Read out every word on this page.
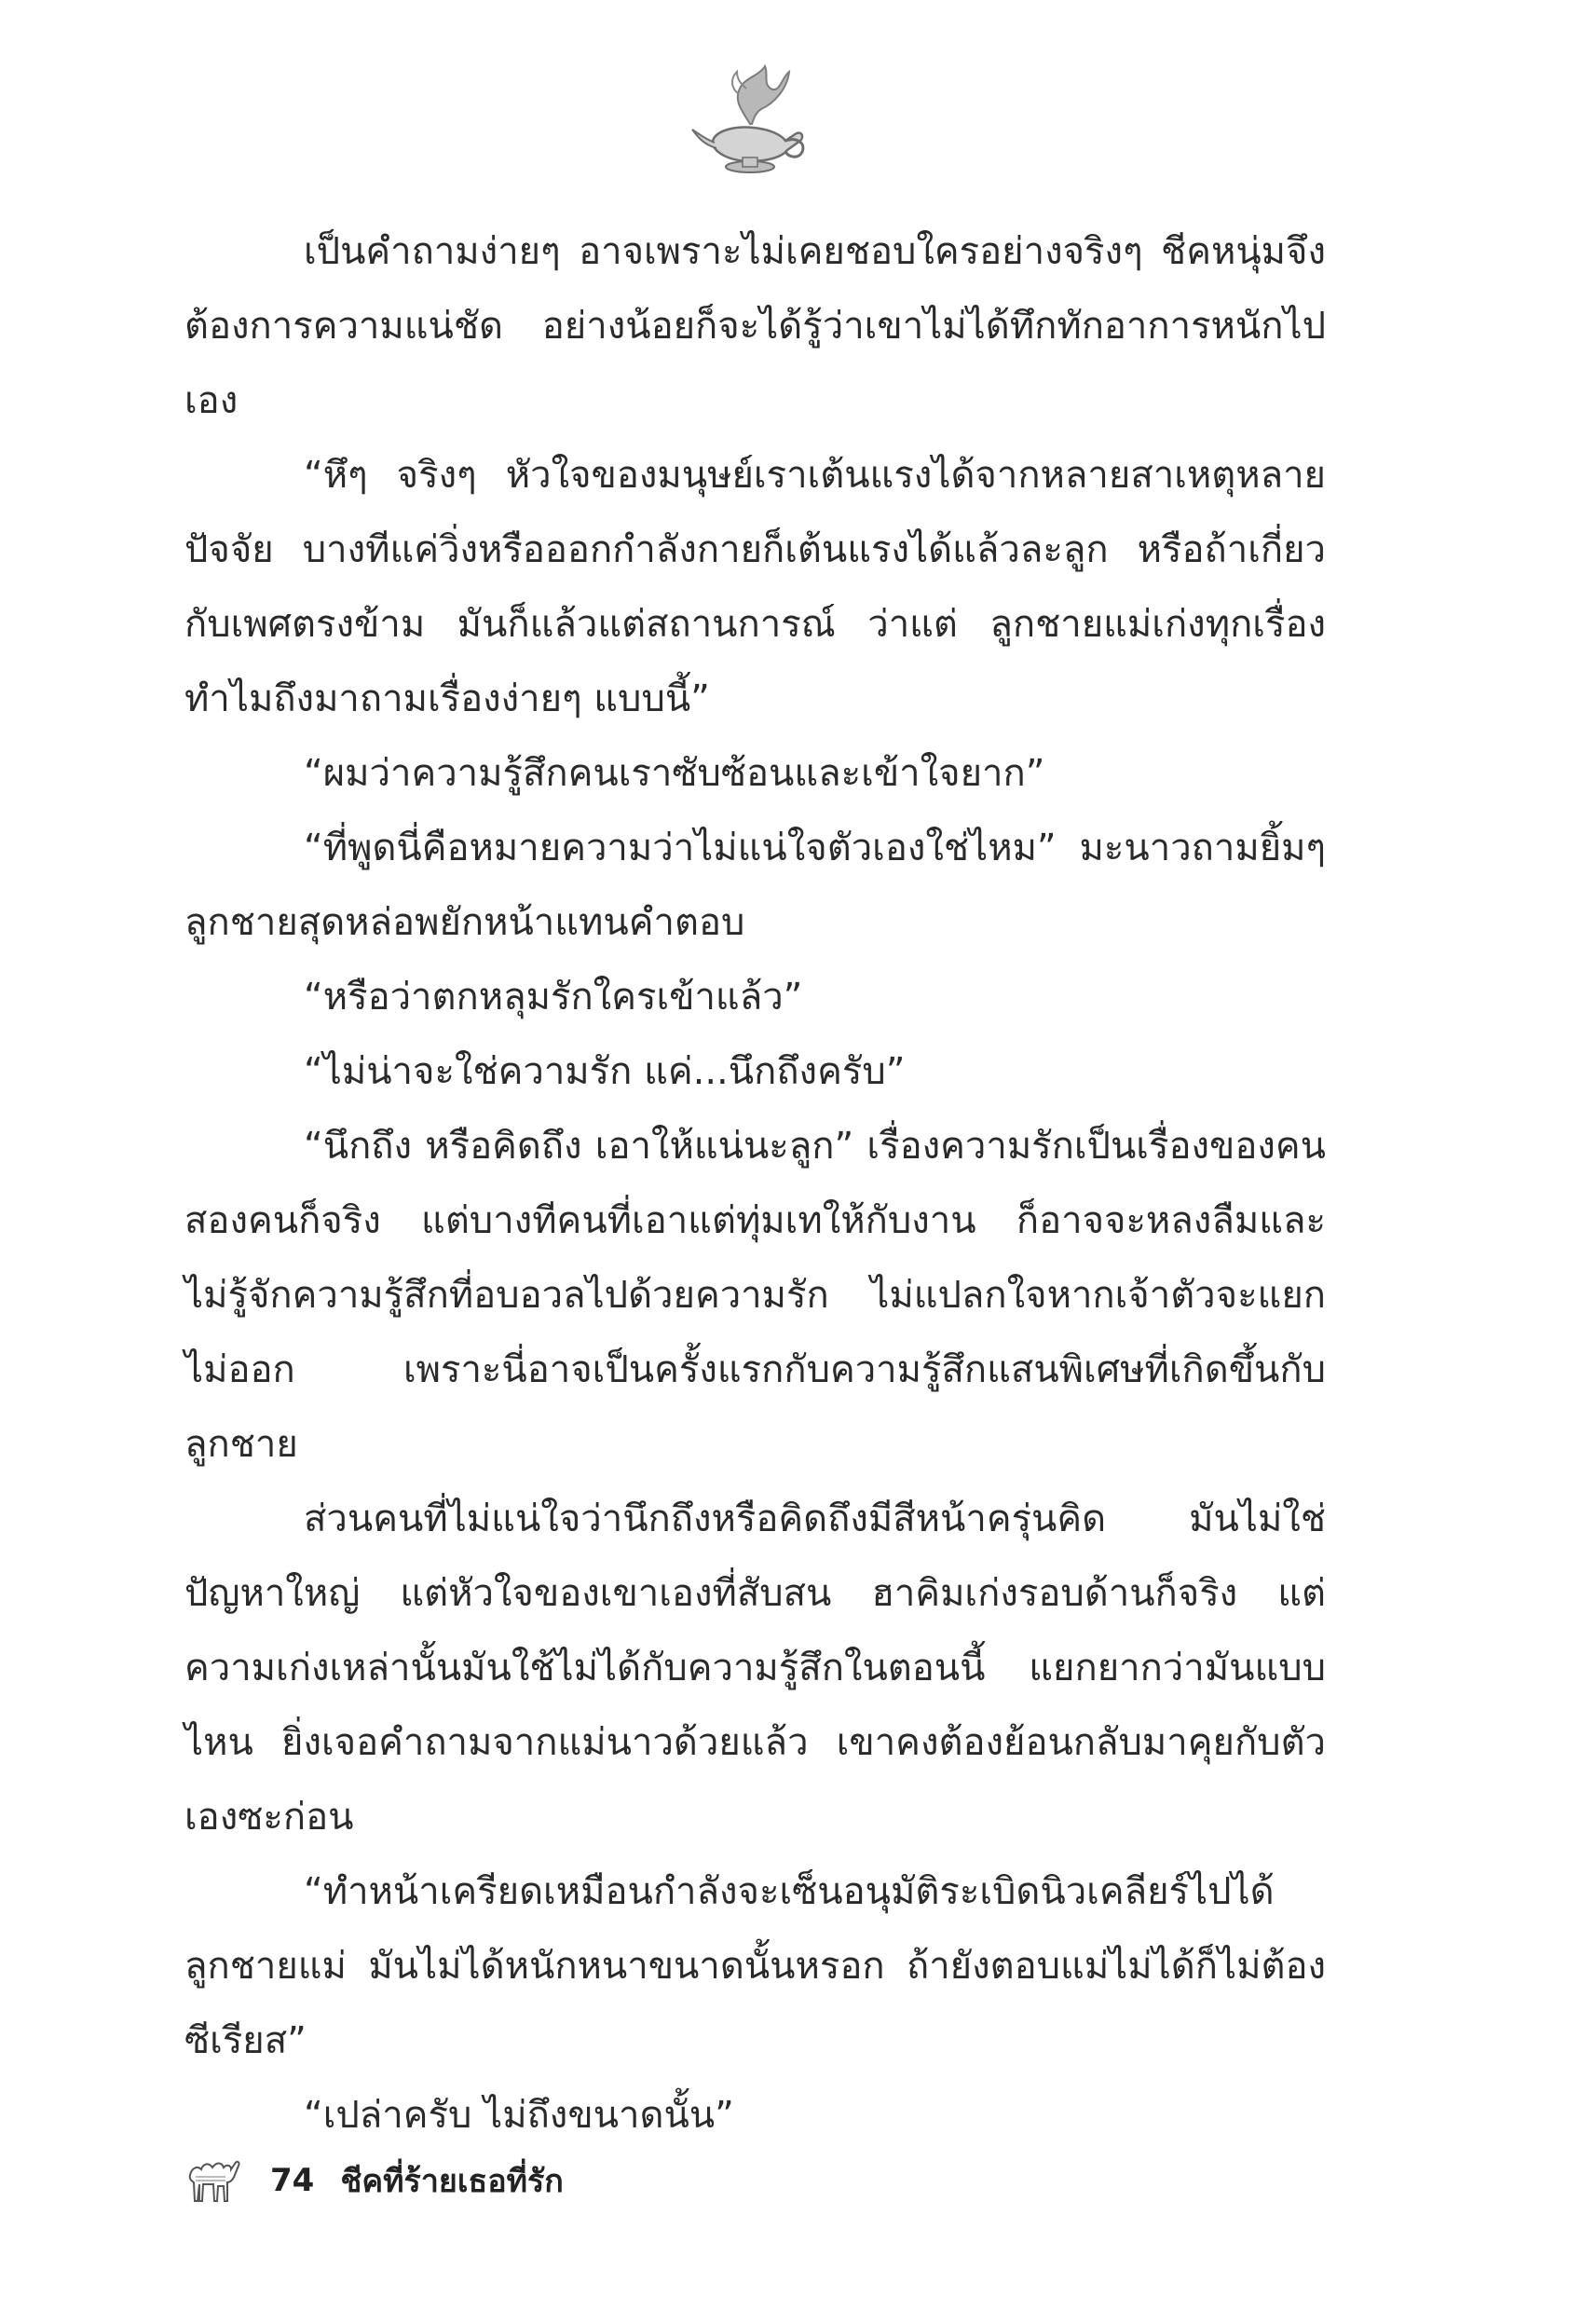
เป็นคำถามง่ายๆ อาจเพราะไม่เคยชอบใครอย่างจริงๆ ชีคหนุ่มจึงต้องการความแน่ชัด อย่างน้อยก็จะได้รู้ว่าเขาไม่ได้ทึกทักอาการหนักไปเอง

“หึๆ จริงๆ หัวใจของมนุษย์เราเต้นแรงได้จากหลายสาเหตุหลายปัจจัย บางทีแค่วิ่งหรือออกกำลังกายก็เต้นแรงได้แล้วละลูก หรือถ้าเกี่ยวกับเพศตรงข้าม มันก็แล้วแต่สถานการณ์ ว่าแต่ ลูกชายแม่เก่งทุกเรื่อง ทำไมถึงมาถามเรื่องง่ายๆ แบบนี้”

“ผมว่าความรู้สึกคนเราซับซ้อนและเข้าใจยาก”

“ที่พูดนี่คือหมายความว่าไม่แน่ใจตัวเองใช่ไหม” มะนาวถามยิ้มๆ ลูกชายสุดหล่อพยักหน้าแทนคำตอบ

“หรือว่าตกหลุมรักใครเข้าแล้ว”

“ไม่น่าจะใช่ความรัก แค่...นึกถึงครับ”

“นึกถึง หรือคิดถึง เอาให้แน่นะลูก” เรื่องความรักเป็นเรื่องของคนสองคนก็จริง แต่บางทีคนที่เอาแต่ทุ่มเทให้กับงาน ก็อาจจะหลงลืมและไม่รู้จักความรู้สึกที่อบอวลไปด้วยความรัก ไม่แปลกใจหากเจ้าตัวจะแยกไม่ออก เพราะนี่อาจเป็นครั้งแรกกับความรู้สึกแสนพิเศษที่เกิดขึ้นกับลูกชาย

ส่วนคนที่ไม่แน่ใจว่านึกถึงหรือคิดถึงมีสีหน้าครุ่นคิด มันไม่ใช่ปัญหาใหญ่ แต่หัวใจของเขาเองที่สับสน ฮาคิมเก่งรอบด้านก็จริง แต่ความเก่งเหล่านั้นมันใช้ไม่ได้กับความรู้สึกในตอนนี้ แยกยากว่ามันแบบไหน ยิ่งเจอคำถามจากแม่นาวด้วยแล้ว เขาคงต้องย้อนกลับมาคุยกับตัวเองซะก่อน

“ทำหน้าเครียดเหมือนกำลังจะเซ็นอนุมัติระเบิดนิวเคลียร์ไปได้ ลูกชายแม่ มันไม่ได้หนักหนาขนาดนั้นหรอก ถ้ายังตอบแม่ไม่ได้ก็ไม่ต้องซีเรียส”

“เปล่าครับ ไม่ถึงขนาดนั้น”

74 ชีคที่ร้ายเธอที่รัก
